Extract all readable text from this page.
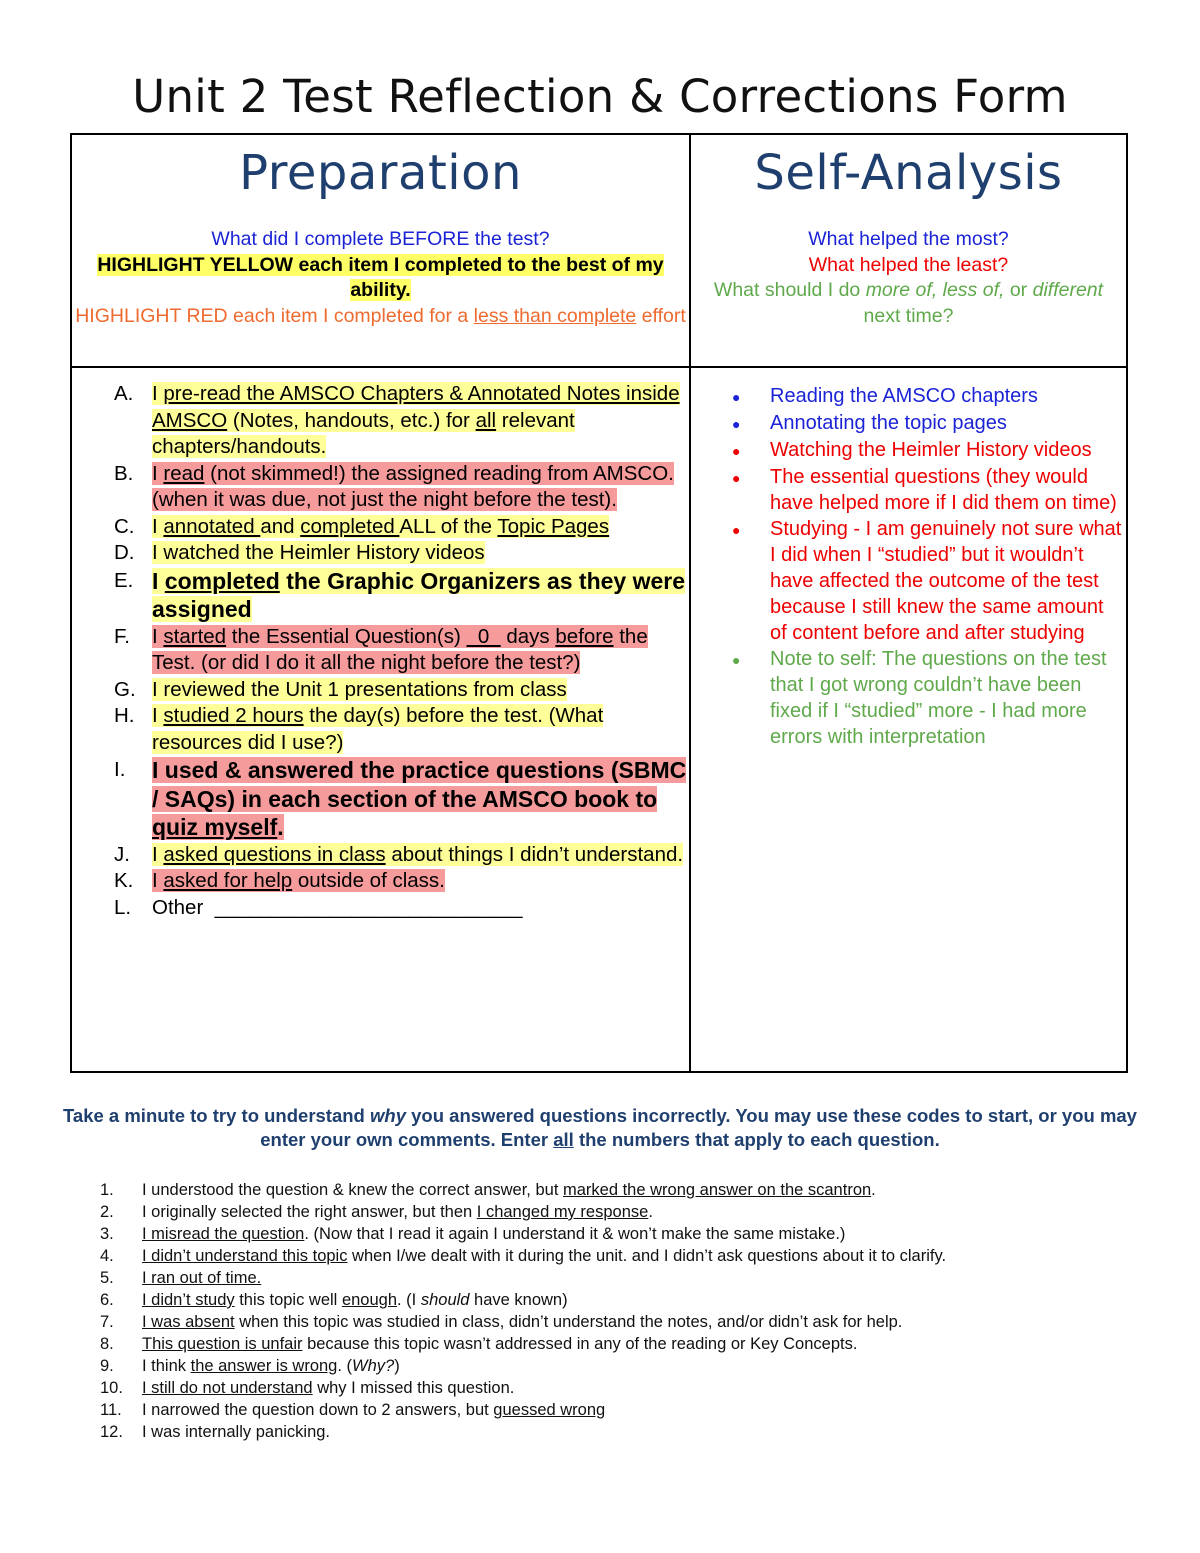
Unit 2 Test Reflection & Corrections Form
Preparation
What did I complete BEFORE the test?
HIGHLIGHT YELLOW each item I completed to the best of my ability.
HIGHLIGHT RED each item I completed for a less than complete effort
Self-Analysis
What helped the most?
What helped the least?
What should I do more of, less of, or different next time?
A. I pre-read the AMSCO Chapters & Annotated Notes inside AMSCO (Notes, handouts, etc.) for all relevant chapters/handouts.
B. I read (not skimmed!) the assigned reading from AMSCO. (when it was due, not just the night before the test).
C. I annotated and completed ALL of the Topic Pages
D. I watched the Heimler History videos
E. I completed the Graphic Organizers as they were assigned
F.	I started the Essential Question(s)   0   days before the Test. (or did I do it all the night before the test?)
G. I reviewed the Unit 1 presentations from class
H. I studied 2 hours the day(s) before the test. (What resources did I use?)
I.	I used & answered the practice questions (SBMC / SAQs) in each section of the AMSCO book to quiz myself.
J.	I asked questions in class about things I didn’t understand.
K. I asked for help outside of class.
L.	Other  ___________________________
●	Reading the AMSCO chapters
●	Annotating the topic pages
●	Watching the Heimler History videos
●	The essential questions (they would have helped more if I did them on time)
●	Studying - I am genuinely not sure what I did when I “studied” but it wouldn’t have affected the outcome of the test because I still knew the same amount of content before and after studying
●	Note to self: The questions on the test that I got wrong couldn’t have been fixed if I “studied” more - I had more errors with interpretation
Take a minute to try to understand why you answered questions incorrectly. You may use these codes to start, or you may enter your own comments. Enter all the numbers that apply to each question.
1.	I understood the question & knew the correct answer, but marked the wrong answer on the scantron.
2.	I originally selected the right answer, but then I changed my response.
3.	I misread the question. (Now that I read it again I understand it & won’t make the same mistake.)
4.	I didn’t understand this topic when I/we dealt with it during the unit. and I didn’t ask questions about it to clarify.
5.	I ran out of time.
6.	I didn’t study this topic well enough. (I should have known)
7.	I was absent when this topic was studied in class, didn’t understand the notes, and/or didn’t ask for help.
8.	This question is unfair because this topic wasn’t addressed in any of the reading or Key Concepts.
9.	I think the answer is wrong. (Why?)
10.	I still do not understand why I missed this question.
11.	I narrowed the question down to 2 answers, but guessed wrong
12.	I was internally panicking.
